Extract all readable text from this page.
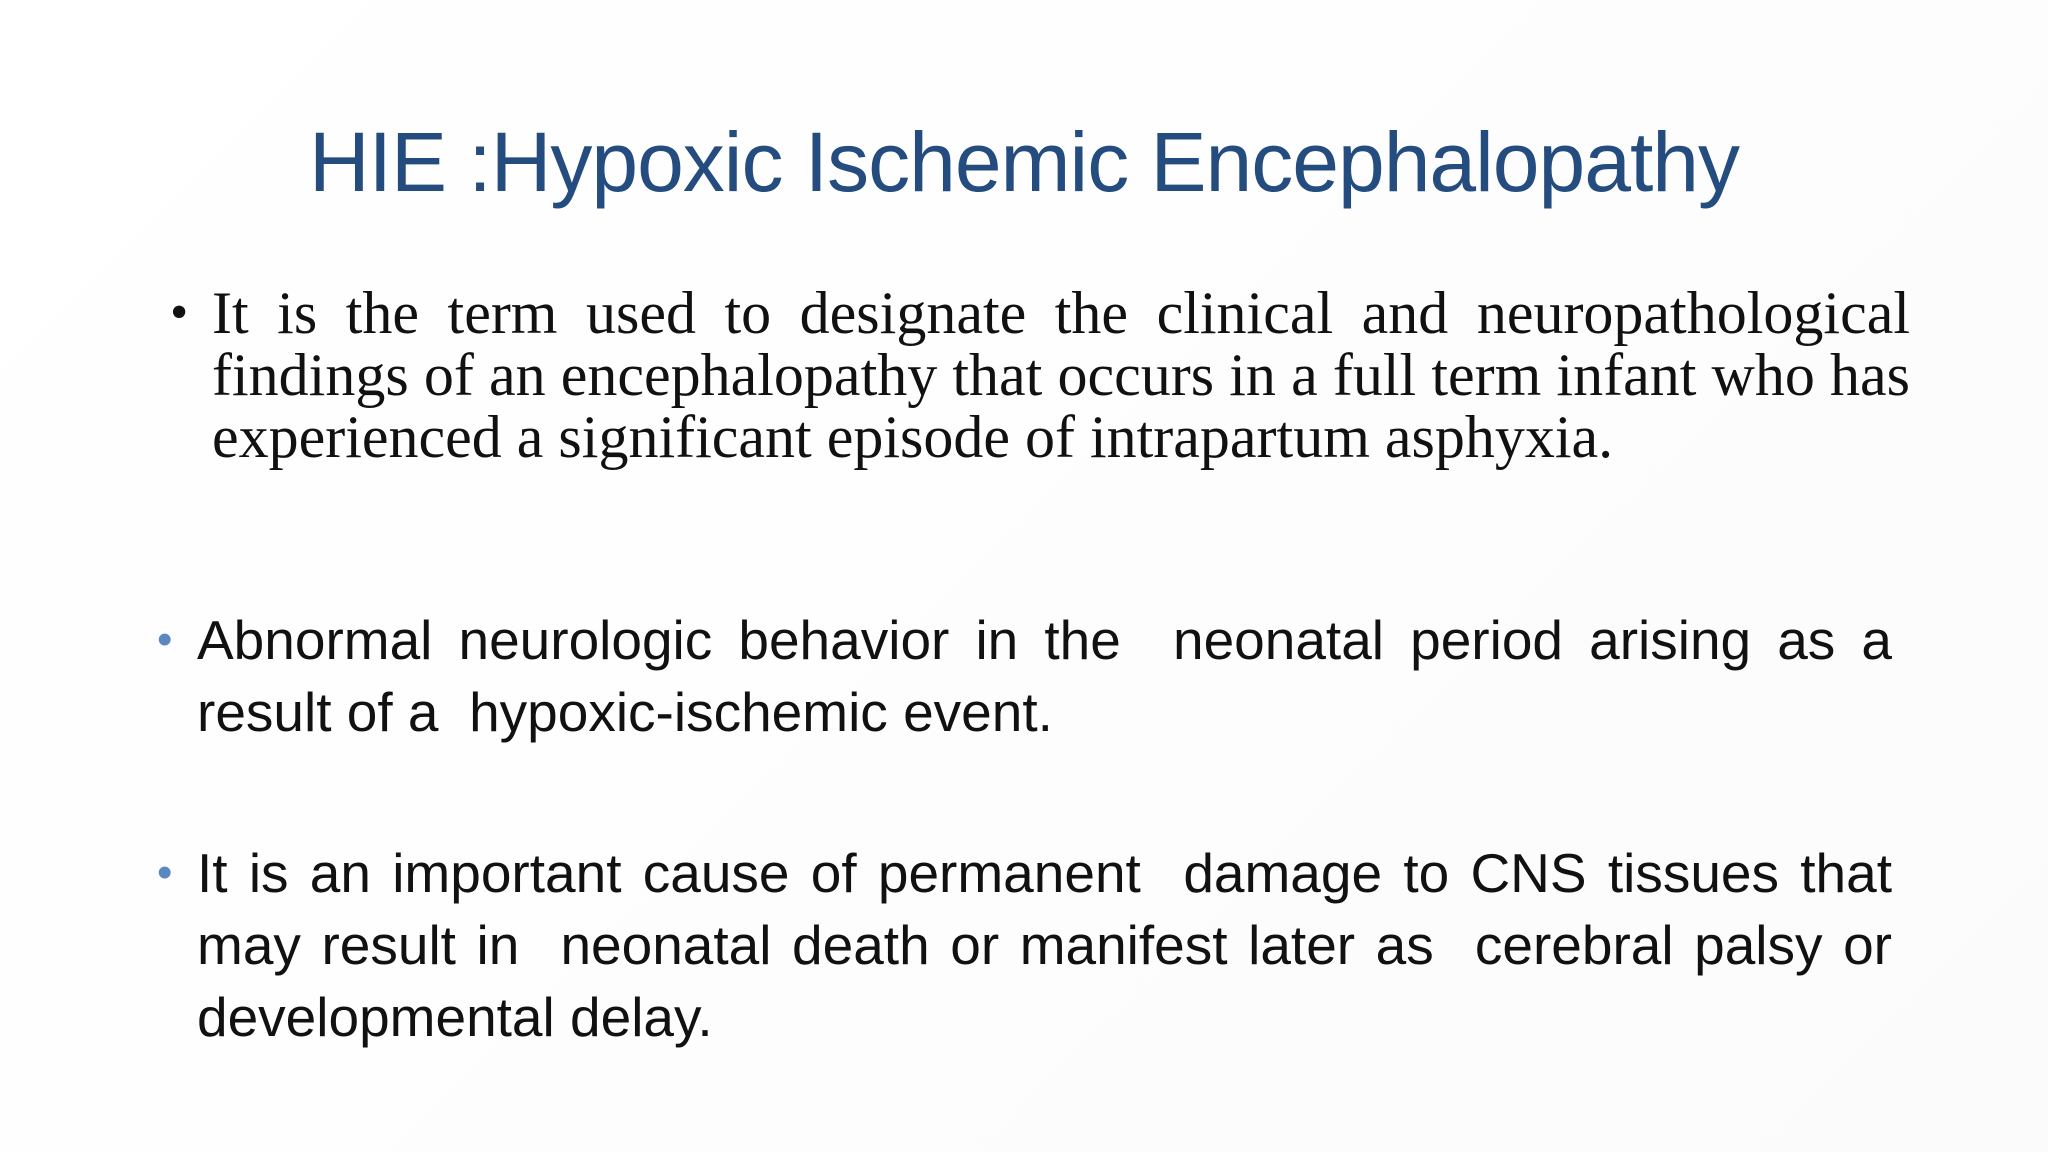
HIE :Hypoxic Ischemic Encephalopathy
• It is the term used to designate the clinical and neuropathological findings of an encephalopathy that occurs in a full term infant who has experienced a significant episode of intrapartum asphyxia.

• Abnormal neurologic behavior in the  neonatal period arising as a result of a  hypoxic-ischemic event.

• It is an important cause of permanent  damage to CNS tissues that may result in  neonatal death or manifest later as  cerebral palsy or developmental delay.
